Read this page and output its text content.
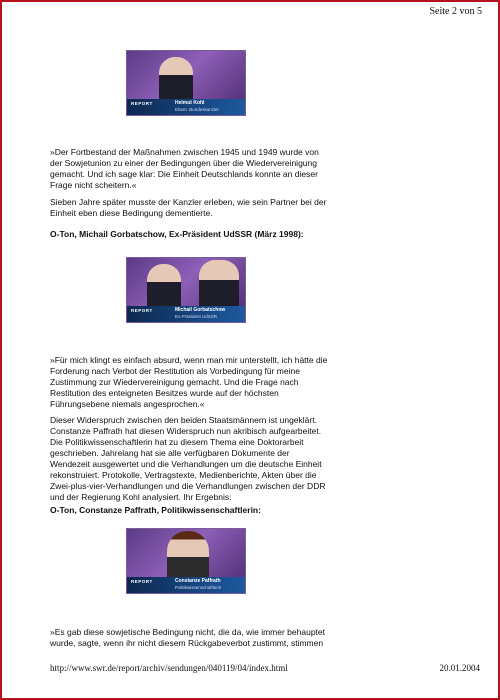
Seite 2 von 5
REPORT	Helmut Kohl
Ehem. Bundeskanzler
»Der Fortbestand der Maßnahmen zwischen 1945 und 1949 wurde von der Sowjetunion zu einer der Bedingungen über die Wiedervereinigung gemacht. Und ich sage klar: Die Einheit Deutschlands konnte an dieser Frage nicht scheitern.«
Sieben Jahre später musste der Kanzler erleben, wie sein Partner bei der Einheit eben diese Bedingung dementierte.
O-Ton, Michail Gorbatschow, Ex-Präsident UdSSR (März 1998):
REPORT	Michail Gorbatschow
Ex-Präsident UdSSR
»Für mich klingt es einfach absurd, wenn man mir unterstellt, ich hätte die Forderung nach Verbot der Restitution als Vorbedingung für meine Zustimmung zur Wiedervereinigung gemacht. Und die Frage nach Restitution des enteigneten Besitzes wurde auf der höchsten Führungsebene niemals angesprochen.«
Dieser Widerspruch zwischen den beiden Staatsmännern ist ungeklärt. Constanze Paffrath hat diesen Widerspruch nun akribisch aufgearbeitet. Die Politikwissenschaftlerin hat zu diesem Thema eine Doktorarbeit geschrieben. Jahrelang hat sie alle verfügbaren Dokumente der Wendezeit ausgewertet und die Verhandlungen um die deutsche Einheit rekonstruiert. Protokolle, Vertragstexte, Medienberichte, Akten über die Zwei-plus-vier-Verhandlungen und die Verhandlungen zwischen der DDR und der Regierung Kohl analysiert. Ihr Ergebnis:
O-Ton, Constanze Paffrath, Politikwissenschaftlerin:
REPORT	Constanze Paffrath
Politikwissenschaftlerin
»Es gab diese sowjetische Bedingung nicht, die da, wie immer behauptet wurde, sagte, wenn ihr nicht diesem Rückgabeverbot zustimmt, stimmen
http://www.swr.de/report/archiv/sendungen/040119/04/index.html	20.01.2004
